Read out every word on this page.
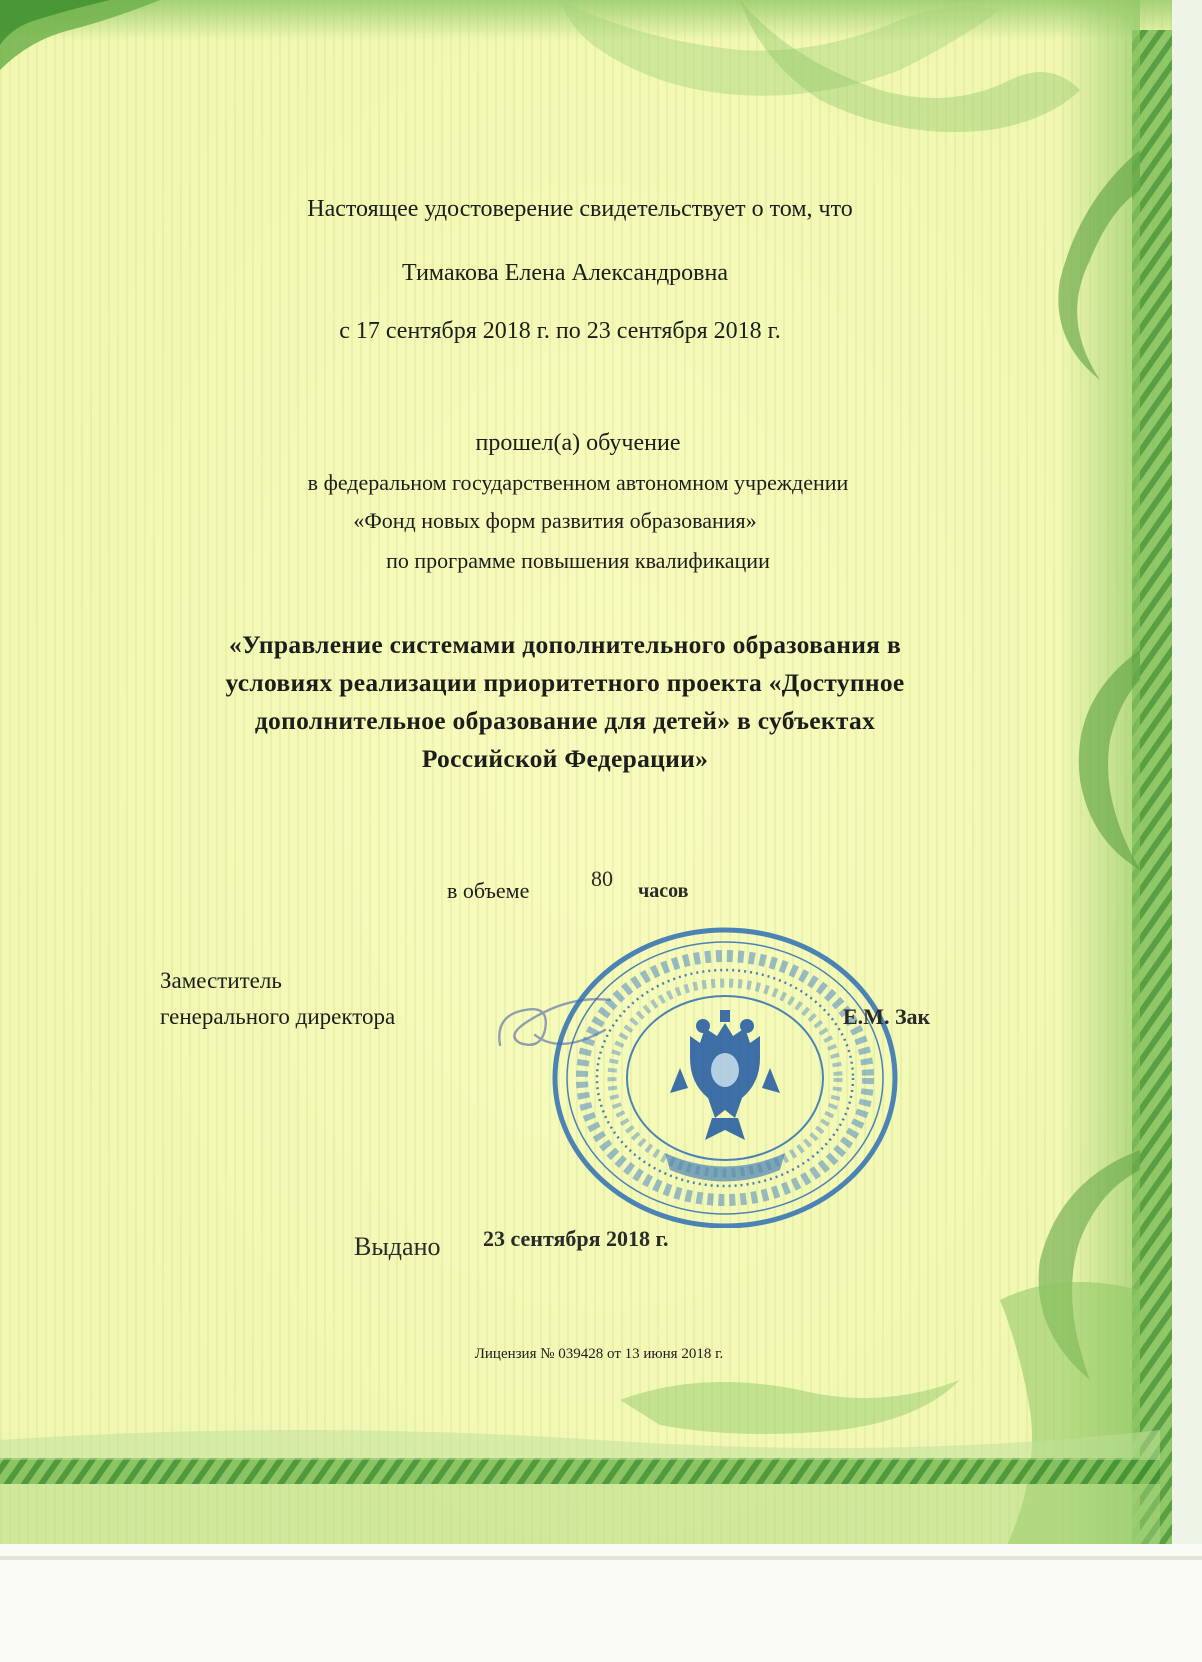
Настоящее удостоверение свидетельствует о том, что
Тимакова Елена Александровна
с 17 сентября 2018 г. по 23 сентября 2018 г.
прошел(а) обучение
в федеральном государственном автономном учреждении
«Фонд новых форм развития образования»
по программе повышения квалификации
«Управление системами дополнительного образования в
условиях реализации приоритетного проекта «Доступное
дополнительное образование для детей» в субъектах
Российской Федерации»
в объеме	80 часов
Заместитель
генерального директора	Е.М. Зак
Выдано 23 сентября 2018 г.
Лицензия № 039428 от 13 июня 2018 г.
